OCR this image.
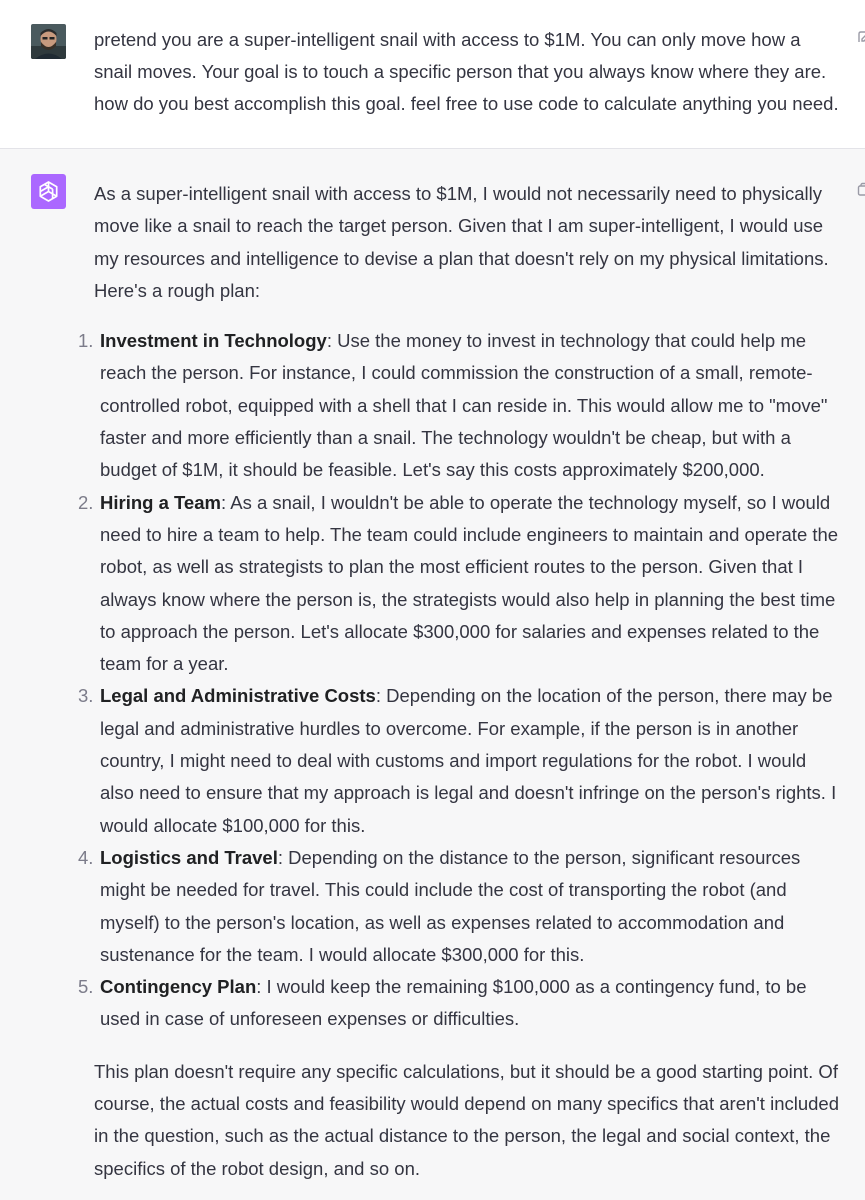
pretend you are a super-intelligent snail with access to $1M. You can only move how a snail moves. Your goal is to touch a specific person that you always know where they are. how do you best accomplish this goal. feel free to use code to calculate anything you need.

As a super-intelligent snail with access to $1M, I would not necessarily need to physically move like a snail to reach the target person. Given that I am super-intelligent, I would use my resources and intelligence to devise a plan that doesn't rely on my physical limitations. Here's a rough plan:

Investment in Technology: Use the money to invest in technology that could help me reach the person. For instance, I could commission the construction of a small, remote-controlled robot, equipped with a shell that I can reside in. This would allow me to "move" faster and more efficiently than a snail. The technology wouldn't be cheap, but with a budget of $1M, it should be feasible. Let's say this costs approximately $200,000.
Hiring a Team: As a snail, I wouldn't be able to operate the technology myself, so I would need to hire a team to help. The team could include engineers to maintain and operate the robot, as well as strategists to plan the most efficient routes to the person. Given that I always know where the person is, the strategists would also help in planning the best time to approach the person. Let's allocate $300,000 for salaries and expenses related to the team for a year.
Legal and Administrative Costs: Depending on the location of the person, there may be legal and administrative hurdles to overcome. For example, if the person is in another country, I might need to deal with customs and import regulations for the robot. I would also need to ensure that my approach is legal and doesn't infringe on the person's rights. I would allocate $100,000 for this.
Logistics and Travel: Depending on the distance to the person, significant resources might be needed for travel. This could include the cost of transporting the robot (and myself) to the person's location, as well as expenses related to accommodation and sustenance for the team. I would allocate $300,000 for this.
Contingency Plan: I would keep the remaining $100,000 as a contingency fund, to be used in case of unforeseen expenses or difficulties.

This plan doesn't require any specific calculations, but it should be a good starting point. Of course, the actual costs and feasibility would depend on many specifics that aren't included in the question, such as the actual distance to the person, the legal and social context, the specifics of the robot design, and so on.
